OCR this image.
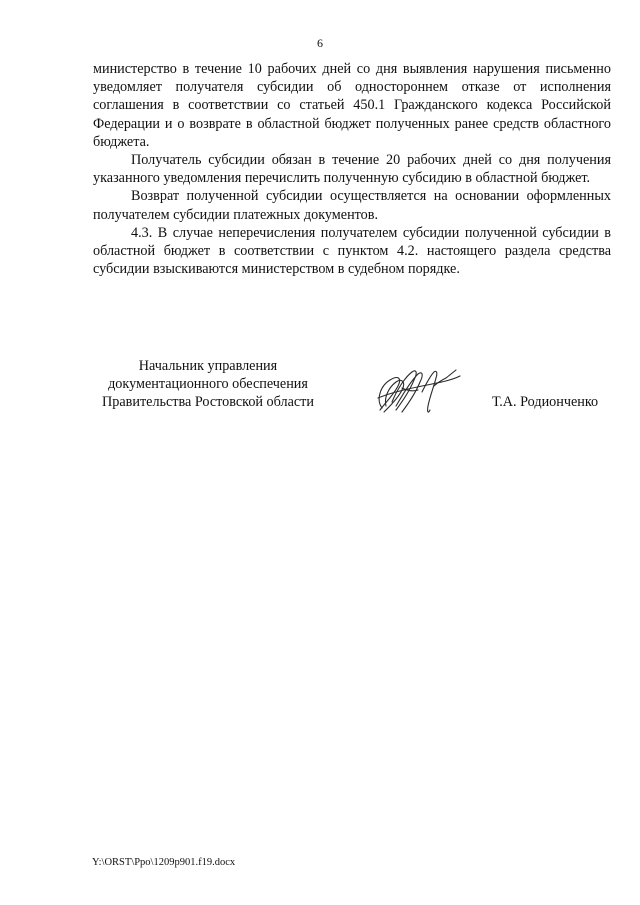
6

министерство в течение 10 рабочих дней со дня выявления нарушения письменно уведомляет получателя субсидии об одностороннем отказе от исполнения соглашения в соответствии со статьей 450.1 Гражданского кодекса Российской Федерации и о возврате в областной бюджет полученных ранее средств областного бюджета.

Получатель субсидии обязан в течение 20 рабочих дней со дня получения указанного уведомления перечислить полученную субсидию в областной бюджет.

Возврат полученной субсидии осуществляется на основании оформленных получателем субсидии платежных документов.

4.3. В случае неперечисления получателем субсидии полученной субсидии в областной бюджет в соответствии с пунктом 4.2. настоящего раздела средства субсидии взыскиваются министерством в судебном порядке.

Начальник управления
документационного обеспечения
Правительства Ростовской области	Т.А. Родионченко
Y:\ORST\Ppo\1209p901.f19.docx
